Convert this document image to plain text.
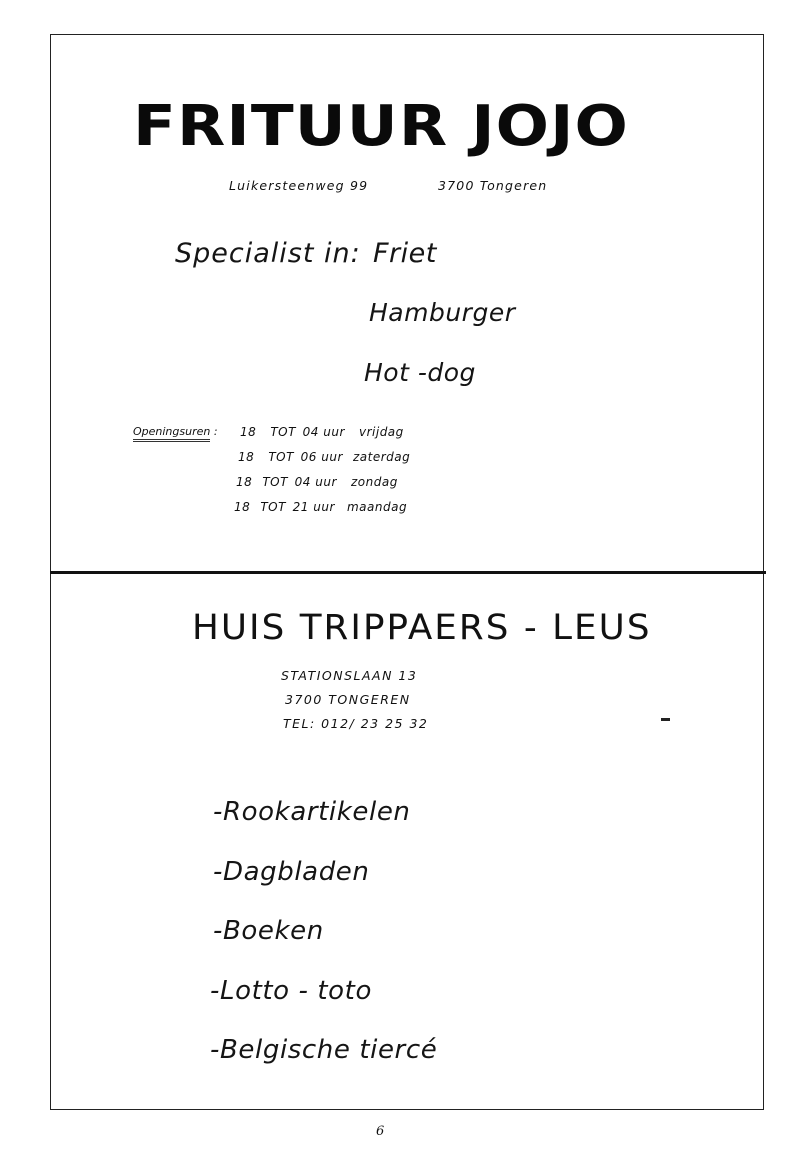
FRITUUR JOJO
Luikersteenweg 99	3700 Tongeren
Specialist in: Friet
Hamburger
Hot -dog
Openingsuren : 18 TOT 04 uur vrijdag
18 TOT 06 uur zaterdag
18 TOT 04 uur zondag
18 TOT 21 uur maandag
HUIS TRIPPAERS - LEUS
STATIONSLAAN 13
3700 TONGEREN
TEL: 012/ 23 25 32
-Rookartikelen
-Dagbladen
-Boeken
-Lotto - toto
-Belgische tiercé
6
